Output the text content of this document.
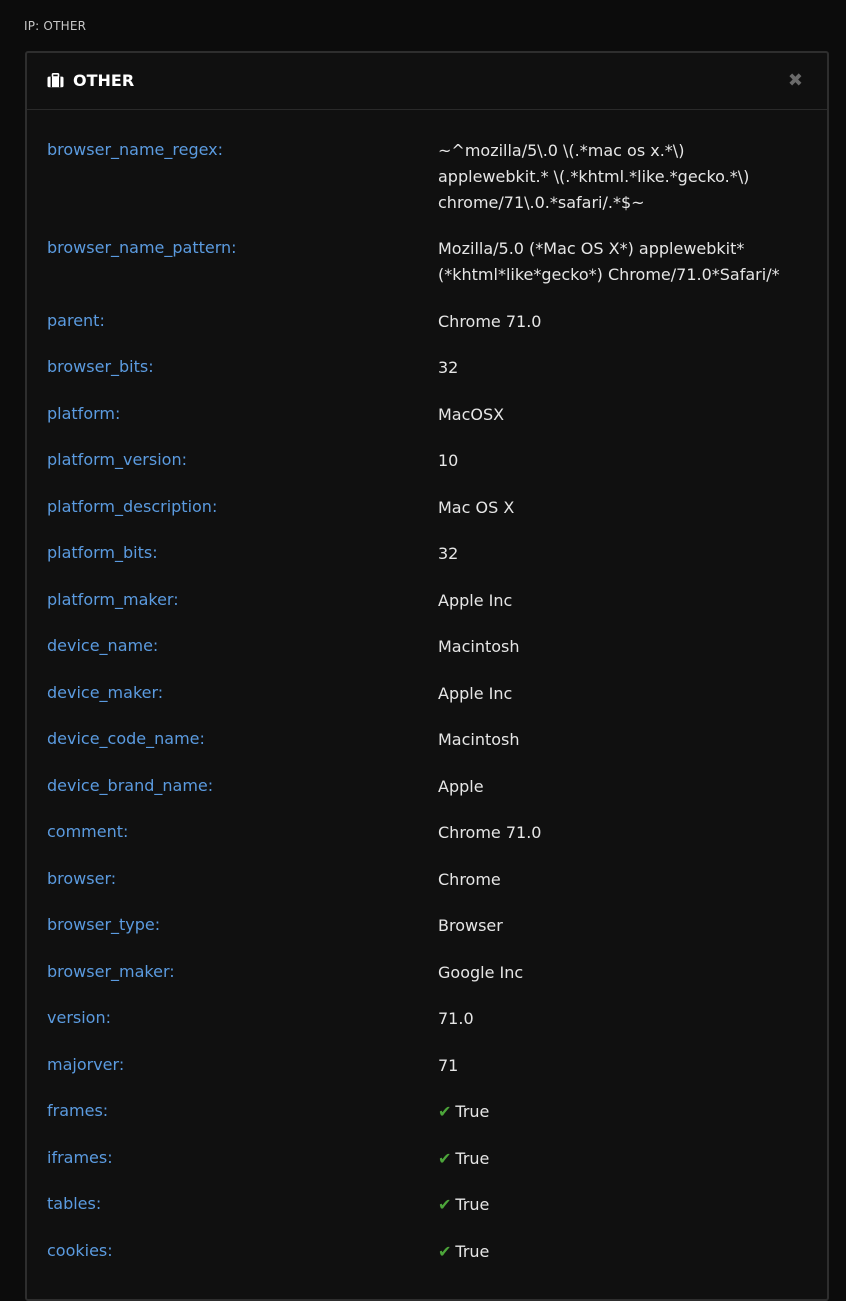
IP: OTHER
OTHER	✖
browser_name_regex:	~^mozilla/5\.0 \(.*mac os x.*\)
applewebkit.* \(.*khtml.*like.*gecko.*\)
chrome/71\.0.*safari/.*$~
browser_name_pattern:	Mozilla/5.0 (*Mac OS X*) applewebkit*
(*khtml*like*gecko*) Chrome/71.0*Safari/*
parent:	Chrome 71.0
browser_bits:	32
platform:	MacOSX
platform_version:	10
platform_description:	Mac OS X
platform_bits:	32
platform_maker:	Apple Inc
device_name:	Macintosh
device_maker:	Apple Inc
device_code_name:	Macintosh
device_brand_name:	Apple
comment:	Chrome 71.0
browser:	Chrome
browser_type:	Browser
browser_maker:	Google Inc
version:	71.0
majorver:	71
frames:	✔ True
iframes:	✔ True
tables:	✔ True
cookies:	✔ True
